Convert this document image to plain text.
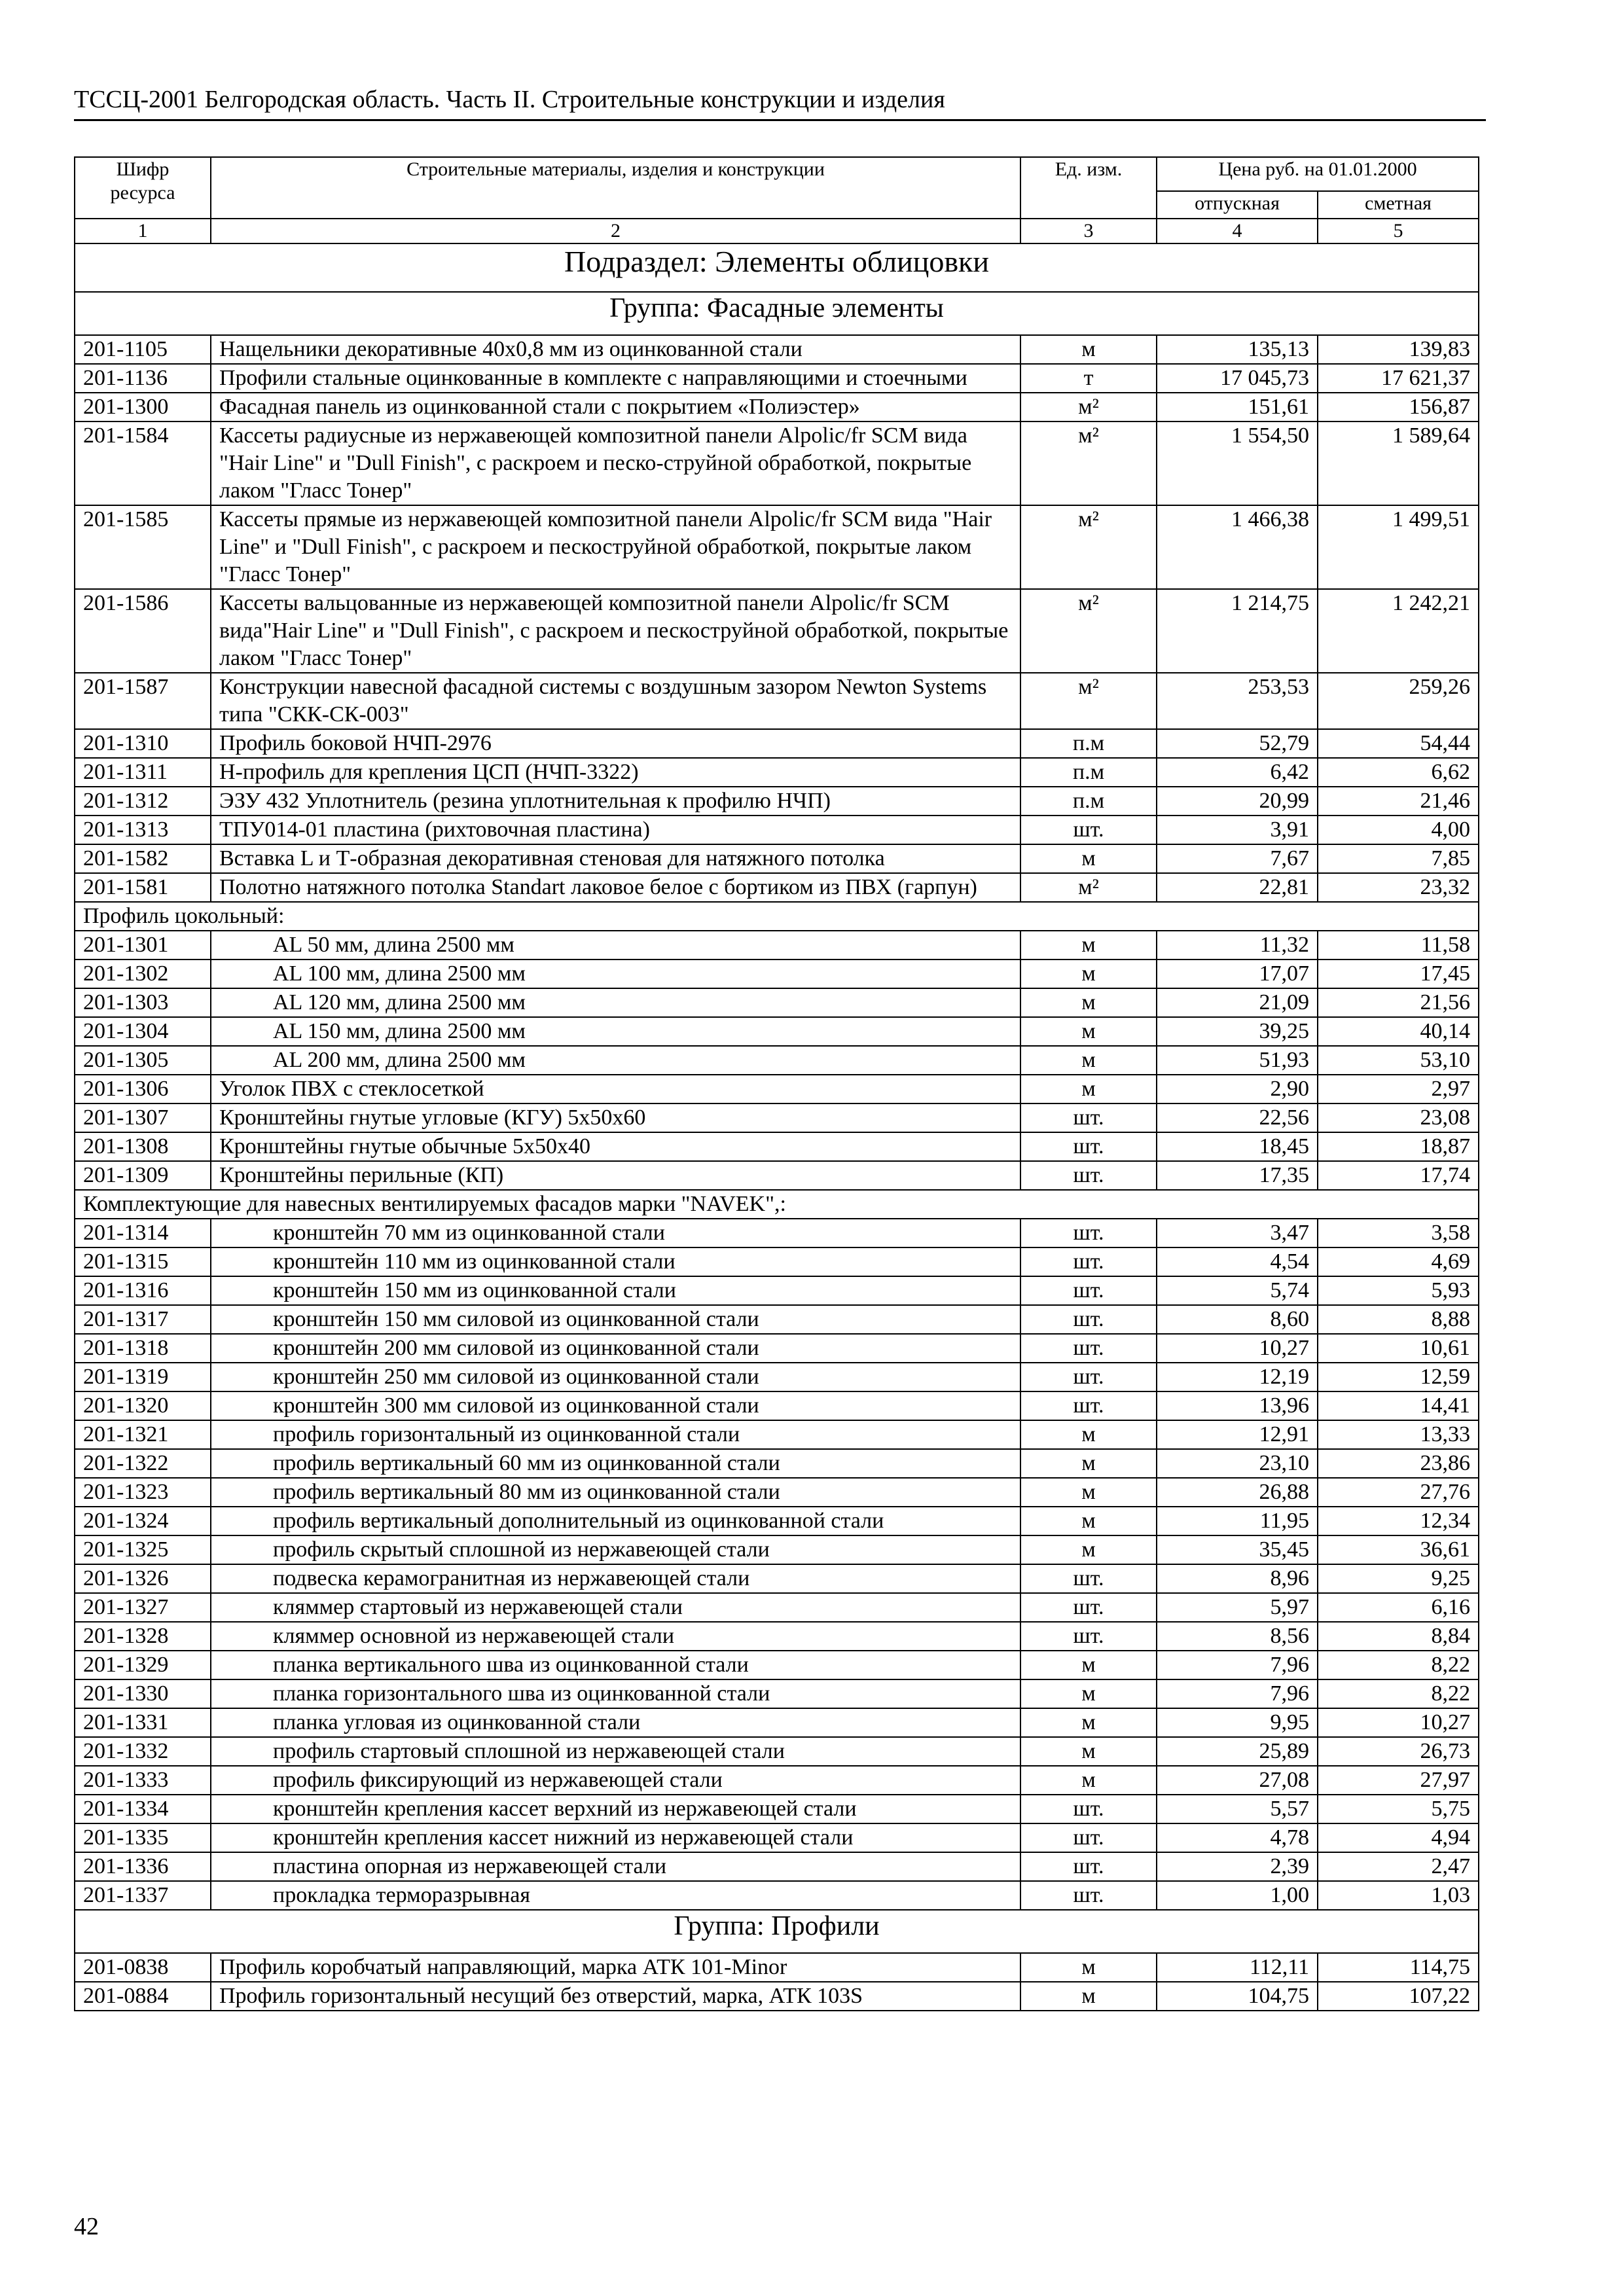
ТССЦ-2001 Белгородская область. Часть II. Строительные конструкции и изделия
Шифр ресурса	Строительные материалы, изделия и конструкции	Ед. изм.	Цена руб. на 01.01.2000	
			отпускная	сметная
1	2	3	4	5
Подраздел: Элементы облицовки				
Группа: Фасадные элементы				
201-1105	Нащельники декоративные 40х0,8 мм из оцинкованной стали	м	135,13	139,83
201-1136	Профили стальные оцинкованные в комплекте с направляющими и стоечными	т	17 045,73	17 621,37
201-1300	Фасадная панель из оцинкованной стали с покрытием «Полиэстер»	м²	151,61	156,87
201-1584	Кассеты радиусные из нержавеющей композитной панели Alpolic/fr SCM вида "Hair Line" и "Dull Finish", с раскроем и песко-струйной обработкой, покрытые лаком "Гласс Тонер"	м²	1 554,50	1 589,64
201-1585	Кассеты прямые из нержавеющей композитной панели Alpolic/fr SCM вида "Hair Line" и "Dull Finish", с раскроем и пескоструйной обработкой, покрытые лаком "Гласс Тонер"	м²	1 466,38	1 499,51
201-1586	Кассеты вальцованные из нержавеющей композитной панели Alpolic/fr SCM вида"Hair Line" и "Dull Finish", с раскроем и пескоструйной обработкой, покрытые лаком "Гласс Тонер"	м²	1 214,75	1 242,21
201-1587	Конструкции навесной фасадной системы с воздушным зазором Newton Systems типа "СКК-СК-003"	м²	253,53	259,26
201-1310	Профиль боковой НЧП-2976	п.м	52,79	54,44
201-1311	Н-профиль для крепления ЦСП (НЧП-3322)	п.м	6,42	6,62
201-1312	ЭЗУ 432 Уплотнитель (резина уплотнительная к профилю НЧП)	п.м	20,99	21,46
201-1313	ТПУ014-01 пластина (рихтовочная пластина)	шт.	3,91	4,00
201-1582	Вставка L и Т-образная декоративная стеновая для натяжного потолка	м	7,67	7,85
201-1581	Полотно натяжного потолка Standart лаковое белое с бортиком из ПВХ (гарпун)	м²	22,81	23,32
Профиль цокольный:				
201-1301	AL 50 мм, длина 2500 мм	м	11,32	11,58
201-1302	AL 100 мм, длина 2500 мм	м	17,07	17,45
201-1303	AL 120 мм, длина 2500 мм	м	21,09	21,56
201-1304	AL 150 мм, длина 2500 мм	м	39,25	40,14
201-1305	AL 200 мм, длина 2500 мм	м	51,93	53,10
201-1306	Уголок ПВХ с стеклосеткой	м	2,90	2,97
201-1307	Кронштейны гнутые угловые (КГУ) 5х50х60	шт.	22,56	23,08
201-1308	Кронштейны гнутые обычные 5х50х40	шт.	18,45	18,87
201-1309	Кронштейны перильные (КП)	шт.	17,35	17,74
Комплектующие для навесных вентилируемых фасадов марки "NAVEK",:				
201-1314	кронштейн 70 мм из оцинкованной стали	шт.	3,47	3,58
201-1315	кронштейн 110 мм из оцинкованной стали	шт.	4,54	4,69
201-1316	кронштейн 150 мм из оцинкованной стали	шт.	5,74	5,93
201-1317	кронштейн 150 мм силовой из оцинкованной стали	шт.	8,60	8,88
201-1318	кронштейн 200 мм силовой из оцинкованной стали	шт.	10,27	10,61
201-1319	кронштейн 250 мм силовой из оцинкованной стали	шт.	12,19	12,59
201-1320	кронштейн 300 мм силовой из оцинкованной стали	шт.	13,96	14,41
201-1321	профиль горизонтальный из оцинкованной стали	м	12,91	13,33
201-1322	профиль вертикальный 60 мм из оцинкованной стали	м	23,10	23,86
201-1323	профиль вертикальный 80 мм из оцинкованной стали	м	26,88	27,76
201-1324	профиль вертикальный дополнительный из оцинкованной стали	м	11,95	12,34
201-1325	профиль скрытый сплошной из нержавеющей стали	м	35,45	36,61
201-1326	подвеска керамогранитная из нержавеющей стали	шт.	8,96	9,25
201-1327	кляммер стартовый из нержавеющей стали	шт.	5,97	6,16
201-1328	кляммер основной из нержавеющей стали	шт.	8,56	8,84
201-1329	планка вертикального шва из оцинкованной стали	м	7,96	8,22
201-1330	планка горизонтального шва из оцинкованной стали	м	7,96	8,22
201-1331	планка угловая из оцинкованной стали	м	9,95	10,27
201-1332	профиль стартовый сплошной из нержавеющей стали	м	25,89	26,73
201-1333	профиль фиксирующий из нержавеющей стали	м	27,08	27,97
201-1334	кронштейн крепления кассет верхний из нержавеющей стали	шт.	5,57	5,75
201-1335	кронштейн крепления кассет нижний из нержавеющей стали	шт.	4,78	4,94
201-1336	пластина опорная из нержавеющей стали	шт.	2,39	2,47
201-1337	прокладка терморазрывная	шт.	1,00	1,03
Группа: Профили				
201-0838	Профиль коробчатый направляющий, марка АТК 101-Minor	м	112,11	114,75
201-0884	Профиль горизонтальный несущий без отверстий, марка, АТК 103S	м	104,75	107,22
42
